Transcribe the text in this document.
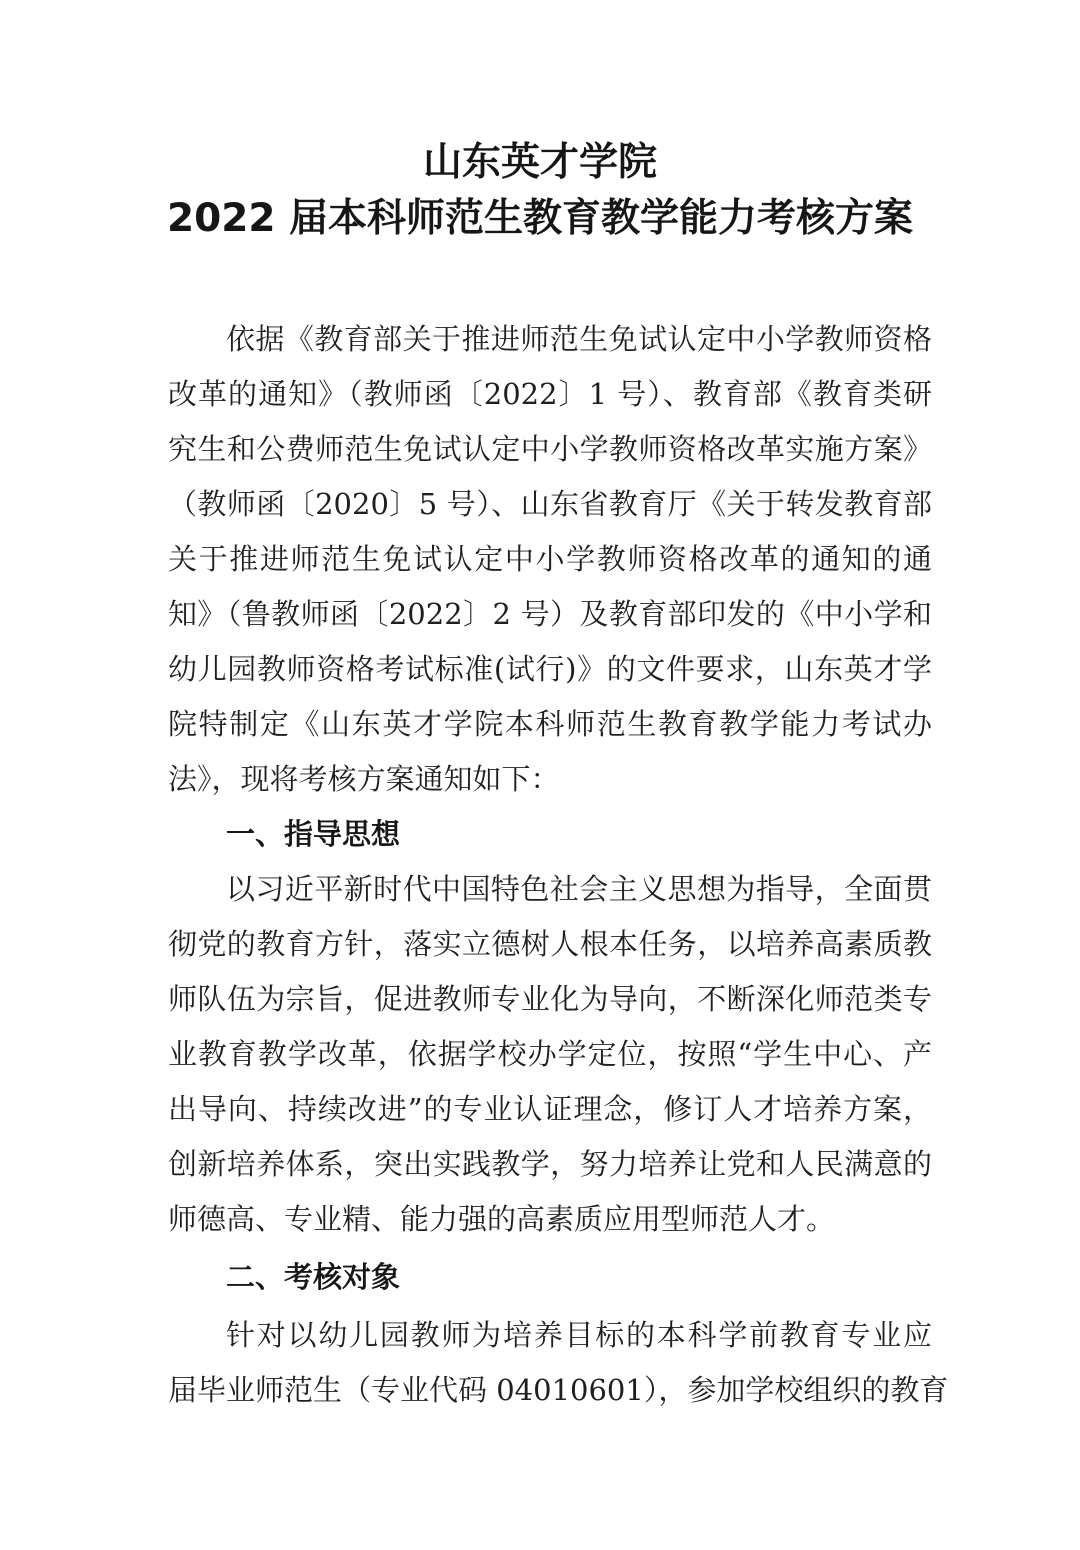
山东英才学院
2022 届本科师范生教育教学能力考核方案
依据《教育部关于推进师范生免试认定中小学教师资格
改革的通知》（教师函〔2022〕1 号）、教育部《教育类研
究生和公费师范生免试认定中小学教师资格改革实施方案》
（教师函〔2020〕5 号）、山东省教育厅《关于转发教育部
关于推进师范生免试认定中小学教师资格改革的通知的通
知》（鲁教师函〔2022〕2 号）及教育部印发的《中小学和
幼儿园教师资格考试标准(试行)》的文件要求，山东英才学
院特制定《山东英才学院本科师范生教育教学能力考试办
法》，现将考核方案通知如下：
一、指导思想
以习近平新时代中国特色社会主义思想为指导，全面贯
彻党的教育方针，落实立德树人根本任务，以培养高素质教
师队伍为宗旨，促进教师专业化为导向，不断深化师范类专
业教育教学改革，依据学校办学定位，按照“学生中心、产
出导向、持续改进”的专业认证理念，修订人才培养方案，
创新培养体系，突出实践教学，努力培养让党和人民满意的
师德高、专业精、能力强的高素质应用型师范人才。
二、考核对象
针对以幼儿园教师为培养目标的本科学前教育专业应
届毕业师范生（专业代码 04010601），参加学校组织的教育
